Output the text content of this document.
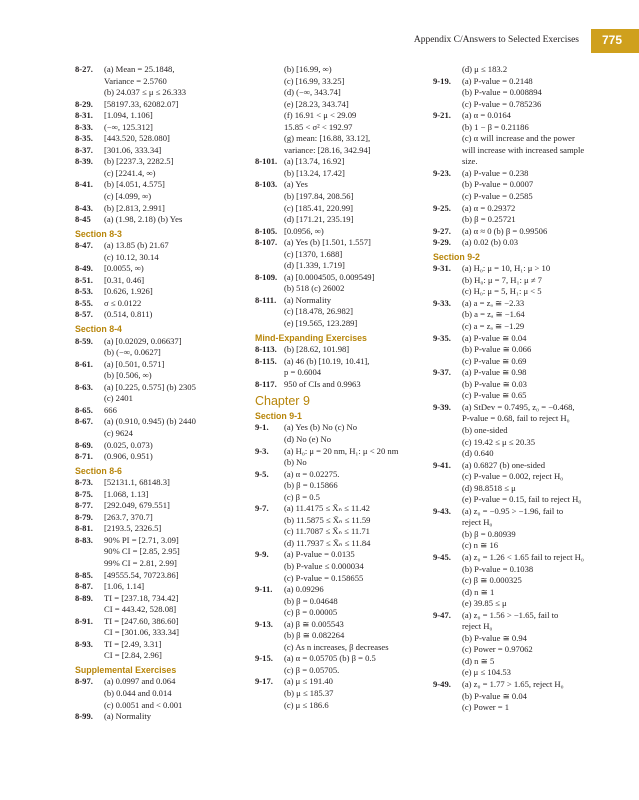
Appendix C/Answers to Selected Exercises	775
8-27.	(a) Mean = 25.1848,
Variance = 2.5760
(b) 24.037 ≤ μ ≤ 26.333
8-29.	[58197.33, 62082.07]
8-31.	[1.094, 1.106]
8-33.	(−∞, 125.312]
8-35.	[443.520, 528.080]
8-37.	[301.06, 333.34]
8-39.	(b) [2237.3, 2282.5]
(c) [2241.4, ∞)
8-41.	(b) [4.051, 4.575]
(c) [4.099, ∞)
8-43.	(b) [2.813, 2.991]
8-45	(a) (1.98, 2.18) (b) Yes
Section 8-3
8-47.	(a) 13.85 (b) 21.67
(c) 10.12, 30.14
8-49.	[0.0055, ∞)
8-51.	[0.31, 0.46]
8-53.	[0.626, 1.926]
8-55.	σ ≤ 0.0122
8-57.	(0.514, 0.811)
Section 8-4
8-59.	(a) [0.02029, 0.06637]
(b) (−∞, 0.0627]
8-61.	(a) [0.501, 0.571]
(b) [0.506, ∞)
8-63.	(a) [0.225, 0.575] (b) 2305
(c) 2401
8-65.	666
8-67.	(a) (0.910, 0.945) (b) 2440
(c) 9624
8-69.	(0.025, 0.073)
8-71.	(0.906, 0.951)
Section 8-6
8-73.	[52131.1, 68148.3]
8-75.	[1.068, 1.13]
8-77.	[292.049, 679.551]
8-79.	[263.7, 370.7]
8-81.	[2193.5, 2326.5]
8-83.	90% PI = [2.71, 3.09]
90% CI = [2.85, 2.95]
99% CI = 2.81, 2.99]
8-85.	[49555.54, 70723.86]
8-87.	[1.06, 1.14]
8-89.	TI = [237.18, 734.42]
CI = 443.42, 528.08]
8-91.	TI = [247.60, 386.60]
CI = [301.06, 333.34]
8-93.	TI = [2.49, 3.31]
CI = [2.84, 2.96]
Supplemental Exercises
8-97.	(a) 0.0997 and 0.064
(b) 0.044 and 0.014
(c) 0.0051 and < 0.001
8-99.	(a) Normality
(b) [16.99, ∞)
(c) [16.99, 33.25]
(d) (−∞, 343.74]
(e) [28.23, 343.74]
(f) 16.91 < μ < 29.09
15.85 < σ² < 192.97
(g) mean: [16.88, 33.12],
variance: [28.16, 342.94]
8-101. (a) [13.74, 16.92]
(b) [13.24, 17.42]
8-103. (a) Yes
(b) [197.84, 208.56]
(c) [185.41, 220.99]
(d) [171.21, 235.19]
8-105. [0.0956, ∞)
8-107. (a) Yes (b) [1.501, 1.557]
(c) [1370, 1.688]
(d) [1.339, 1.719]
8-109. (a) [0.0004505, 0.009549]
(b) 518 (c) 26002
8-111. (a) Normality
(c) [18.478, 26.982]
(e) [19.565, 123.289]
Mind-Expanding Exercises
8-113. (b) [28.62, 101.98]
8-115. (a) 46 (b) [10.19, 10.41],
p = 0.6004
8-117. 950 of CIs and 0.9963
Chapter 9
Section 9-1
9-1.	(a) Yes (b) No (c) No
(d) No (e) No
9-3.	(a) H₀: μ = 20 nm, H₁: μ < 20 nm
(b) No
9-5.	(a) α = 0.02275.
(b) β = 0.15866
(c) β = 0.5
9-7.	(a) 11.4175 ≤ X̄ₙ ≤ 11.42
(b) 11.5875 ≤ X̄ₙ ≤ 11.59
(c) 11.7087 ≤ X̄ₙ ≤ 11.71
(d) 11.7937 ≤ X̄ₙ ≤ 11.84
9-9.	(a) P-value = 0.0135
(b) P-value ≤ 0.000034
(c) P-value = 0.158655
9-11.	(a) 0.09296
(b) β = 0.04648
(c) β = 0.00005
9-13.	(a) β ≅ 0.005543
(b) β ≅ 0.082264
(c) As n increases, β decreases
9-15.	(a) α = 0.05705 (b) β = 0.5
(c) β = 0.05705.
9-17.	(a) μ ≤ 191.40
(b) μ ≤ 185.37
(c) μ ≤ 186.6
(d) μ ≤ 183.2
9-19.	(a) P-value = 0.2148
(b) P-value = 0.008894
(c) P-value = 0.785236
9-21.	(a) α = 0.0164
(b) 1 − β = 0.21186
(c) α will increase and the power
will increase with increased sample
size.
9-23.	(a) P-value = 0.238
(b) P-value = 0.0007
(c) P-value = 0.2585
9-25.	(a) α = 0.29372
(b) β = 0.25721
9-27.	(a) α ≈ 0 (b) β = 0.99506
9-29.	(a) 0.02 (b) 0.03
Section 9-2
9-31.	(a) H₀: μ = 10, H₁: μ > 10
(b) H₀: μ = 7, H₁: μ ≠ 7
(c) H₀: μ = 5, H₁: μ < 5
9-33.	(a) a = zₐ ≅ −2.33
(b) a = zₐ ≅ −1.64
(c) a = zₐ ≅ −1.29
9-35.	(a) P-value ≅ 0.04
(b) P-value ≅ 0.066
(c) P-value ≅ 0.69
9-37.	(a) P-value ≅ 0.98
(b) P-value ≅ 0.03
(c) P-value ≅ 0.65
9-39.	(a) StDev = 0.7495, z₀ = −0.468,
P-value = 0.68, fail to reject H₀
(b) one-sided
(c) 19.42 ≤ μ ≤ 20.35
(d) 0.640
9-41.	(a) 0.6827 (b) one-sided
(c) P-value = 0.002, reject H₀
(d) 98.8518 ≤ μ
(e) P-value = 0.15, fail to reject H₀
9-43.	(a) z₀ = −0.95 > −1.96, fail to
reject H₀
(b) β = 0.80939
(c) n ≅ 16
9-45.	(a) z₀ = 1.26 < 1.65 fail to reject H₀
(b) P-value = 0.1038
(c) β ≅ 0.000325
(d) n ≅ 1
(e) 39.85 ≤ μ
9-47.	(a) z₀ = 1.56 > −1.65, fail to
reject H₀
(b) P-value ≅ 0.94
(c) Power = 0.97062
(d) n ≅ 5
(e) μ ≤ 104.53
9-49.	(a) z₀ = 1.77 > 1.65, reject H₀
(b) P-value ≅ 0.04
(c) Power = 1
